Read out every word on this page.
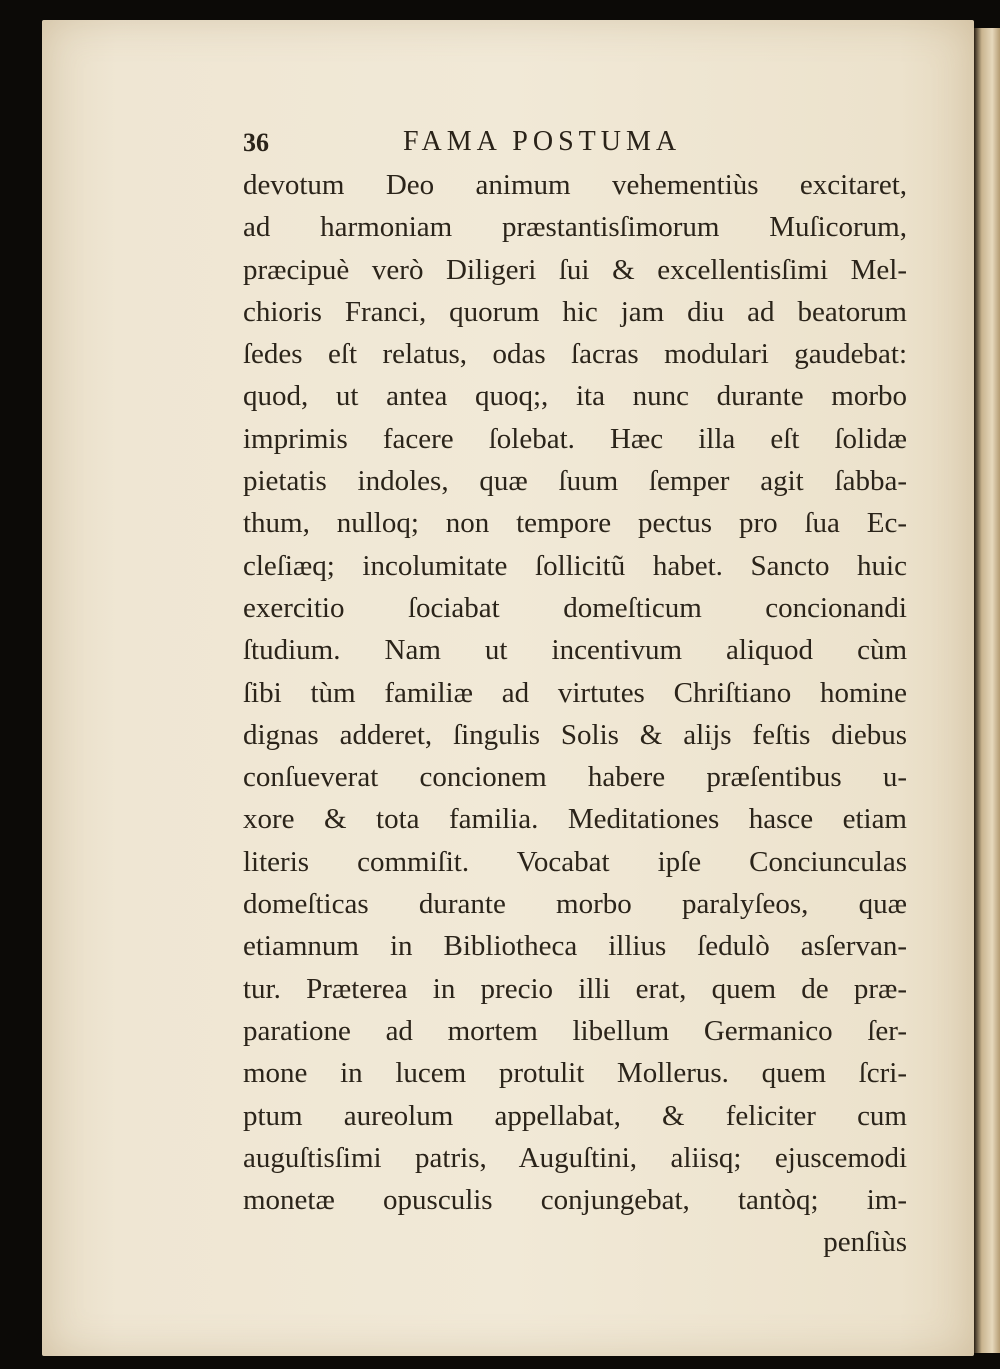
36	FAMA POSTUMA
devotum Deo animum vehementiùs excitaret,
ad harmoniam præstantisſimorum Muſicorum,
præcipuè verò Diligeri ſui & excellentisſimi Mel-
chioris Franci, quorum hic jam diu ad beatorum
ſedes eſt relatus, odas ſacras modulari gaudebat:
quod, ut antea quoq;, ita nunc durante morbo
imprimis facere ſolebat. Hæc illa eſt ſolidæ
pietatis indoles, quæ ſuum ſemper agit ſabba-
thum, nulloq; non tempore pectus pro ſua Ec-
cleſiæq; incolumitate ſollicitũ habet. Sancto huic
exercitio ſociabat domeſticum concionandi
ſtudium. Nam ut incentivum aliquod cùm
ſibi tùm familiæ ad virtutes Chriſtiano homine
dignas adderet, ſingulis Solis & alijs feſtis diebus
conſueverat concionem habere præſentibus u-
xore & tota familia. Meditationes hasce etiam
literis commiſit. Vocabat ipſe Conciunculas
domeſticas durante morbo paralyſeos, quæ
etiamnum in Bibliotheca illius ſedulò asſervan-
tur. Præterea in precio illi erat, quem de præ-
paratione ad mortem libellum Germanico ſer-
mone in lucem protulit Mollerus. quem ſcri-
ptum aureolum appellabat, & feliciter cum
auguſtisſimi patris, Auguſtini, aliisq; ejuscemodi
monetæ opusculis conjungebat, tantòq; im-
penſiùs
